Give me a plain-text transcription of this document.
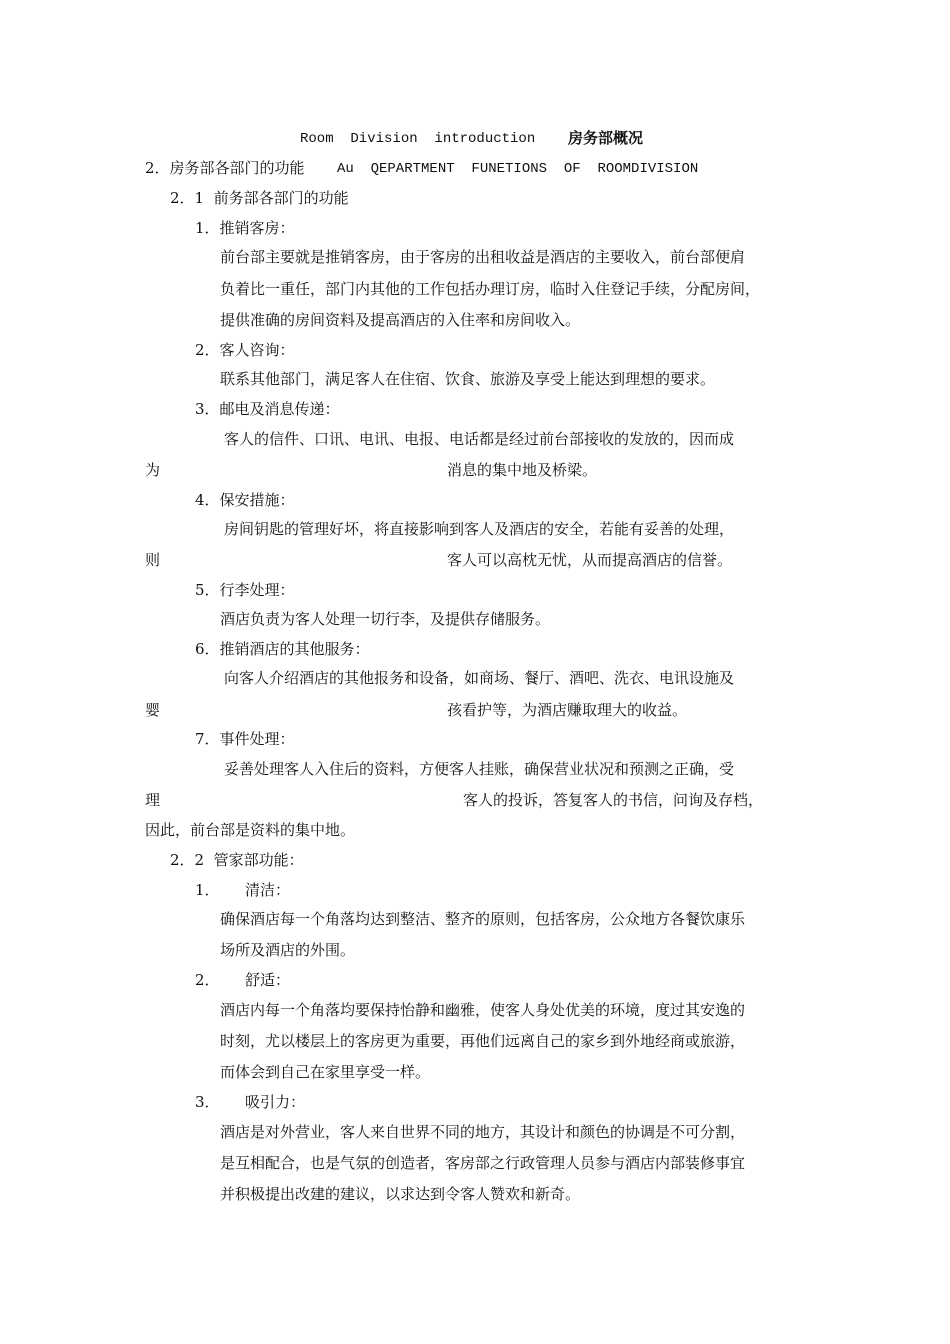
Room  Division  introduction 房务部概况
2．房务部各部门的功能 Au  QEPARTMENT  FUNETIONS  OF  ROOMDIVISION
2．1  前务部各部门的功能
1．推销客房：
前台部主要就是推销客房，由于客房的出租收益是酒店的主要收入，前台部便肩
负着比一重任，部门内其他的工作包括办理订房，临时入住登记手续，分配房间，
提供准确的房间资料及提高酒店的入住率和房间收入。
2．客人咨询：
联系其他部门，满足客人在住宿、饮食、旅游及享受上能达到理想的要求。
3．邮电及消息传递：
客人的信件、口讯、电讯、电报、电话都是经过前台部接收的发放的，因而成
为	消息的集中地及桥梁。
4．保安措施：
房间钥匙的管理好坏，将直接影响到客人及酒店的安全，若能有妥善的处理，
则	客人可以高枕无忧，从而提高酒店的信誉。
5．行李处理：
酒店负责为客人处理一切行李，及提供存储服务。
6．推销酒店的其他服务：
向客人介绍酒店的其他报务和设备，如商场、餐厅、酒吧、洗衣、电讯设施及
婴	孩看护等，为酒店赚取理大的收益。
7．事件处理：
妥善处理客人入住后的资料，方便客人挂账，确保营业状况和预测之正确，受
理	客人的投诉，答复客人的书信，问询及存档，
因此，前台部是资料的集中地。
2．2  管家部功能：
1． 清洁：
确保酒店每一个角落均达到整洁、整齐的原则，包括客房，公众地方各餐饮康乐
场所及酒店的外围。
2． 舒适：
酒店内每一个角落均要保持怡静和幽雅，使客人身处优美的环境，度过其安逸的
时刻，尤以楼层上的客房更为重要，再他们远离自己的家乡到外地经商或旅游，
而体会到自己在家里享受一样。
3． 吸引力：
酒店是对外营业，客人来自世界不同的地方，其设计和颜色的协调是不可分割，
是互相配合，也是气氛的创造者，客房部之行政管理人员参与酒店内部装修事宜
并积极提出改建的建议，以求达到令客人赞欢和新奇。
